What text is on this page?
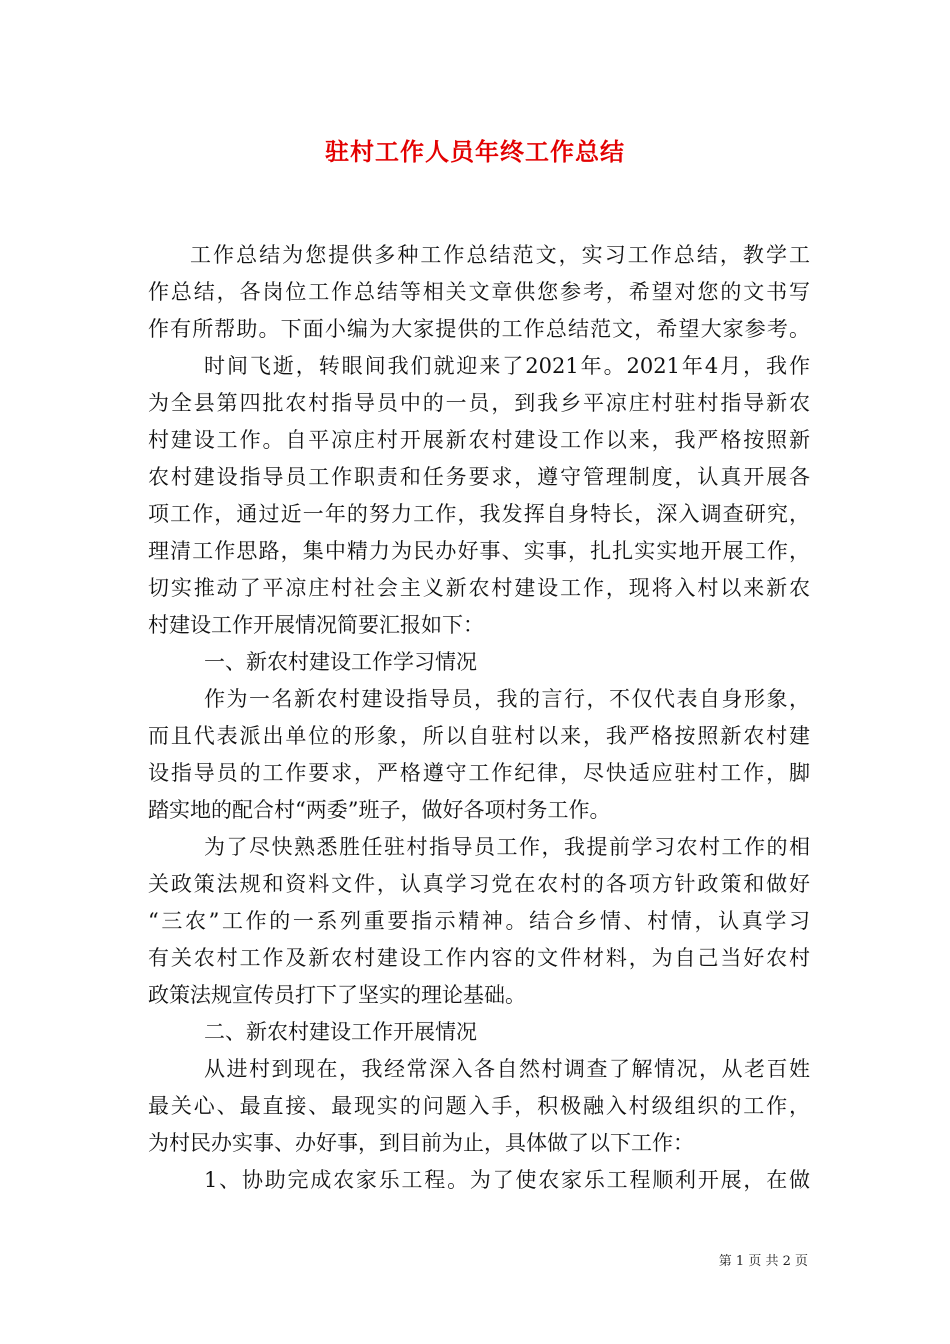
驻村工作人员年终工作总结

工作总结为您提供多种工作总结范文，实习工作总结，教学工

作总结，各岗位工作总结等相关文章供您参考，希望对您的文书写

作有所帮助。下面小编为大家提供的工作总结范文，希望大家参考。

时间飞逝，转眼间我们就迎来了2021年。2021年4月，我作

为全县第四批农村指导员中的一员，到我乡平凉庄村驻村指导新农

村建设工作。自平凉庄村开展新农村建设工作以来，我严格按照新

农村建设指导员工作职责和任务要求，遵守管理制度，认真开展各

项工作，通过近一年的努力工作，我发挥自身特长，深入调查研究，

理清工作思路，集中精力为民办好事、实事，扎扎实实地开展工作，

切实推动了平凉庄村社会主义新农村建设工作，现将入村以来新农

村建设工作开展情况简要汇报如下：

一、新农村建设工作学习情况

作为一名新农村建设指导员，我的言行，不仅代表自身形象，

而且代表派出单位的形象，所以自驻村以来，我严格按照新农村建

设指导员的工作要求，严格遵守工作纪律，尽快适应驻村工作，脚

踏实地的配合村“两委”班子，做好各项村务工作。

为了尽快熟悉胜任驻村指导员工作，我提前学习农村工作的相

关政策法规和资料文件，认真学习党在农村的各项方针政策和做好

“三农”工作的一系列重要指示精神。结合乡情、村情，认真学习

有关农村工作及新农村建设工作内容的文件材料，为自己当好农村

政策法规宣传员打下了坚实的理论基础。

二、新农村建设工作开展情况

从进村到现在，我经常深入各自然村调查了解情况，从老百姓

最关心、最直接、最现实的问题入手，积极融入村级组织的工作，

为村民办实事、办好事，到目前为止，具体做了以下工作：

1、协助完成农家乐工程。为了使农家乐工程顺利开展，在做

第 1 页 共 2 页
